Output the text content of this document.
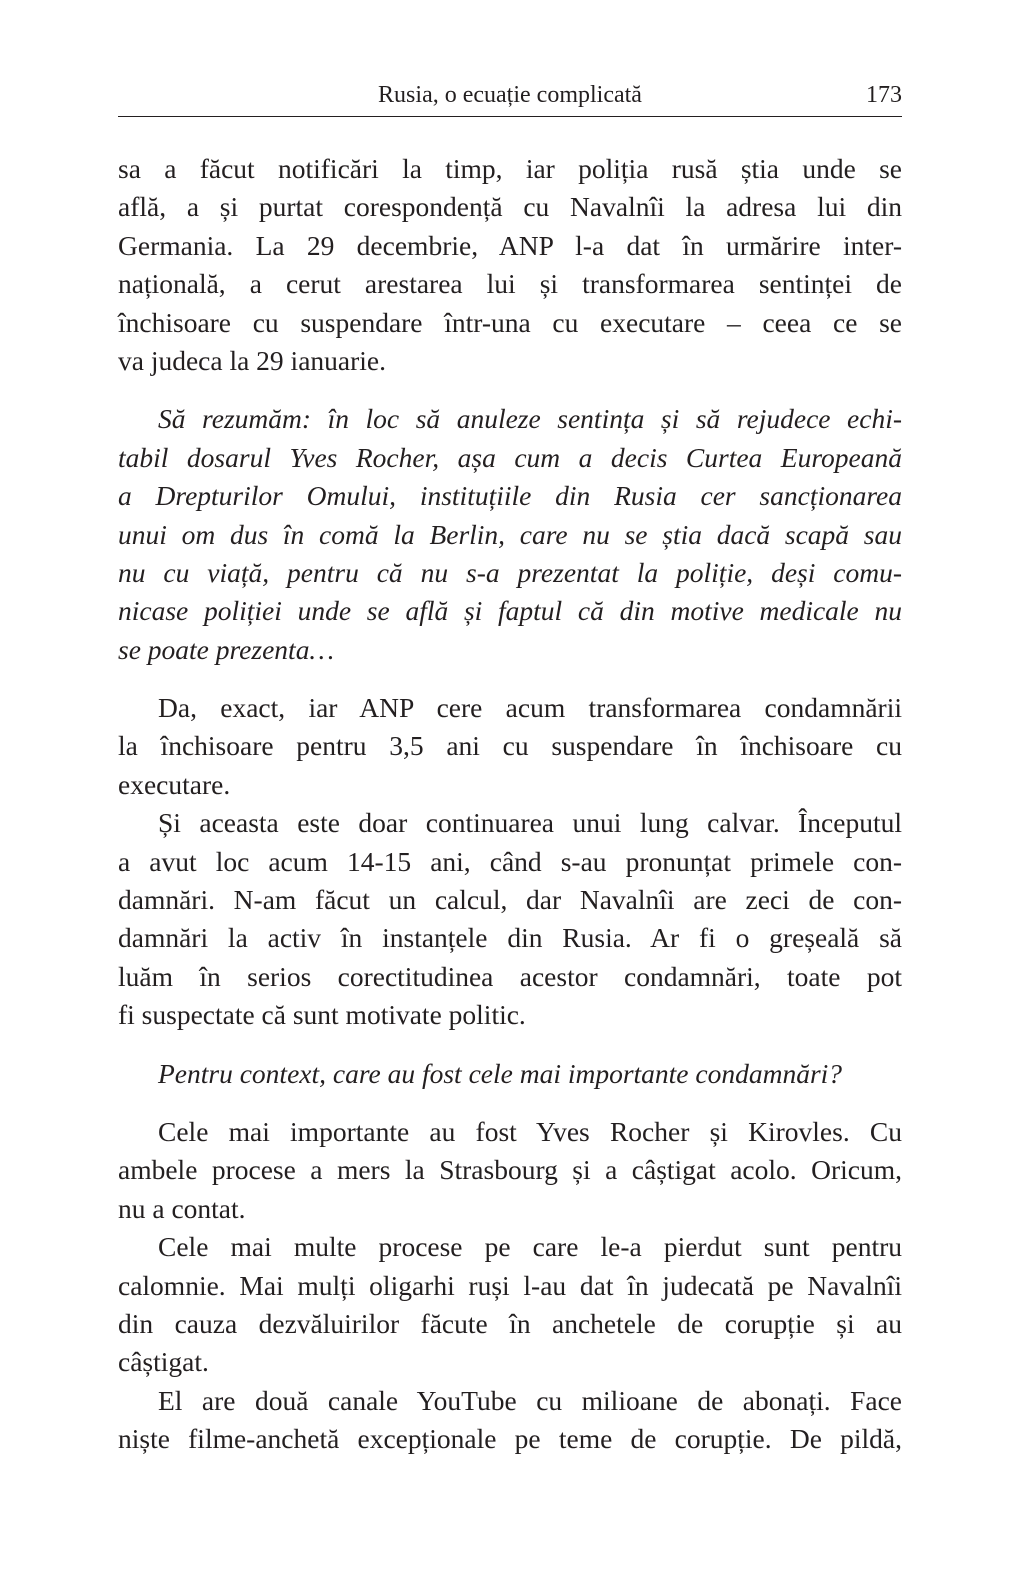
Rusia, o ecuație complicată	173
sa a făcut notificări la timp, iar poliția rusă știa unde se
află, a și purtat corespondență cu Navalnîi la adresa lui din
Germania. La 29 decembrie, ANP l-a dat în urmărire inter-
națională, a cerut arestarea lui și transformarea sentinței de
închisoare cu suspendare într-una cu executare – ceea ce se
va judeca la 29 ianuarie.
Să rezumăm: în loc să anuleze sentința și să rejudece echi-
tabil dosarul Yves Rocher, așa cum a decis Curtea Europeană
a Drepturilor Omului, instituțiile din Rusia cer sancționarea
unui om dus în comă la Berlin, care nu se știa dacă scapă sau
nu cu viață, pentru că nu s-a prezentat la poliție, deși comu-
nicase poliției unde se află și faptul că din motive medicale nu
se poate prezenta…
Da, exact, iar ANP cere acum transformarea condamnării
la închisoare pentru 3,5 ani cu suspendare în închisoare cu
executare.
Și aceasta este doar continuarea unui lung calvar. Începutul
a avut loc acum 14-15 ani, când s-au pronunțat primele con-
damnări. N-am făcut un calcul, dar Navalnîi are zeci de con-
damnări la activ în instanțele din Rusia. Ar fi o greșeală să
luăm în serios corectitudinea acestor condamnări, toate pot
fi suspectate că sunt motivate politic.
Pentru context, care au fost cele mai importante condamnări?
Cele mai importante au fost Yves Rocher și Kirovles. Cu
ambele procese a mers la Strasbourg și a câștigat acolo. Oricum,
nu a contat.
Cele mai multe procese pe care le-a pierdut sunt pentru
calomnie. Mai mulți oligarhi ruși l-au dat în judecată pe Navalnîi
din cauza dezvăluirilor făcute în anchetele de corupție și au
câștigat.
El are două canale YouTube cu milioane de abonați. Face
niște filme-anchetă excepționale pe teme de corupție. De pildă,
